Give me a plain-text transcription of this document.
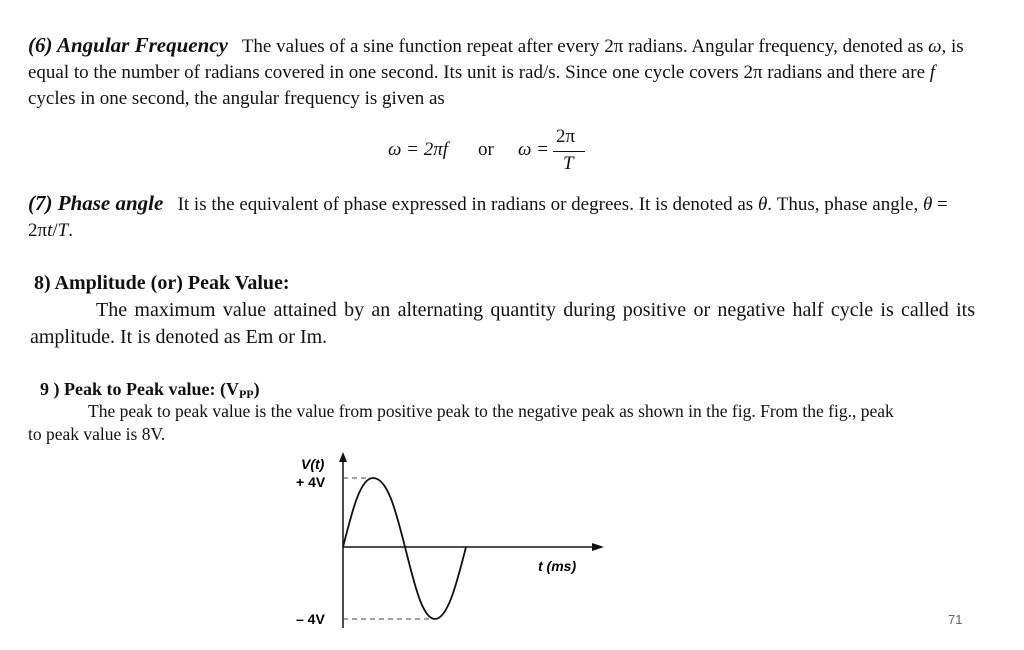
(6) Angular Frequency The values of a sine function repeat after every 2π radians. Angular frequency, denoted as ω, is equal to the number of radians covered in one second. Its unit is rad/s. Since one cycle covers 2π radians and there are f cycles in one second, the angular frequency is given as
ω = 2πf or ω =
2π
T
(7) Phase angle It is the equivalent of phase expressed in radians or degrees. It is denoted as θ. Thus, phase angle, θ = 2πt/T.
8) Amplitude (or) Peak Value:
The maximum value attained by an alternating quantity during positive or negative half cycle is called its amplitude. It is denoted as Em or Im.
9 ) Peak to Peak value: (VPP)
The peak to peak value is the value from positive peak to the negative peak as shown in the fig. From the fig., peak to peak value is 8V.
V(t)
+ 4V
– 4V
t (ms)
71
